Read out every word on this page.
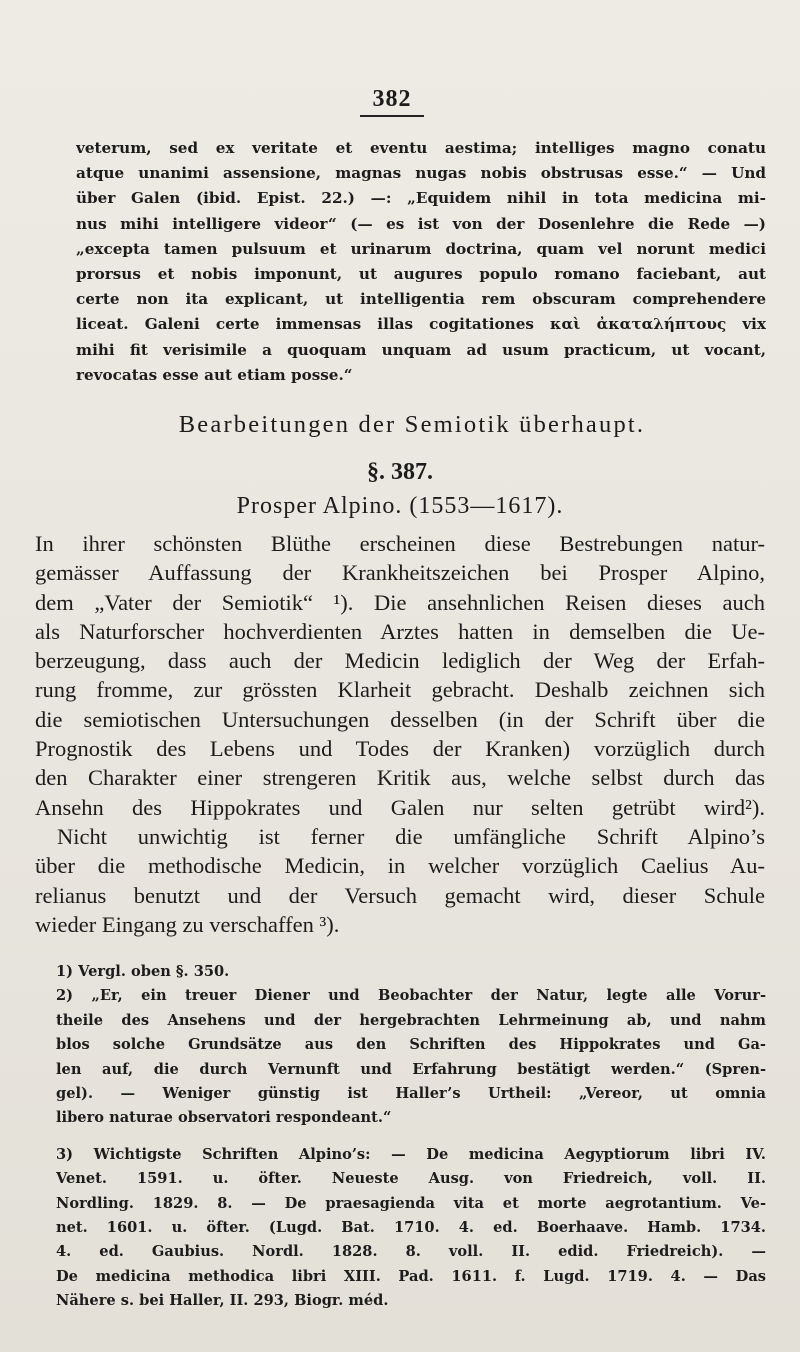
382
veterum, sed ex veritate et eventu aestima; intelliges magno conatu
atque unanimi assensione, magnas nugas nobis obstrusas esse.“ — Und
über Galen (ibid. Epist. 22.) —: „Equidem nihil in tota medicina mi-
nus mihi intelligere videor“ (— es ist von der Dosenlehre die Rede —)
„excepta tamen pulsuum et urinarum doctrina, quam vel norunt medici
prorsus et nobis imponunt, ut augures populo romano faciebant, aut
certe non ita explicant, ut intelligentia rem obscuram comprehendere
liceat. Galeni certe immensas illas cogitationes καὶ ἀκαταλήπτους vix
mihi fit verisimile a quoquam unquam ad usum practicum, ut vocant,
revocatas esse aut etiam posse.“
Bearbeitungen der Semiotik überhaupt.
§. 387.
Prosper Alpino. (1553—1617).
In ihrer schönsten Blüthe erscheinen diese Bestrebungen natur-
gemässer Auffassung der Krankheitszeichen bei Prosper Alpino,
dem „Vater der Semiotik“ ¹). Die ansehnlichen Reisen dieses auch
als Naturforscher hochverdienten Arztes hatten in demselben die Ue-
berzeugung, dass auch der Medicin lediglich der Weg der Erfah-
rung fromme, zur grössten Klarheit gebracht. Deshalb zeichnen sich
die semiotischen Untersuchungen desselben (in der Schrift über die
Prognostik des Lebens und Todes der Kranken) vorzüglich durch
den Charakter einer strengeren Kritik aus, welche selbst durch das
Ansehn des Hippokrates und Galen nur selten getrübt wird²).
Nicht unwichtig ist ferner die umfängliche Schrift Alpino’s
über die methodische Medicin, in welcher vorzüglich Caelius Au-
relianus benutzt und der Versuch gemacht wird, dieser Schule
wieder Eingang zu verschaffen ³).
1) Vergl. oben §. 350.
2) „Er, ein treuer Diener und Beobachter der Natur, legte alle Vorur-
theile des Ansehens und der hergebrachten Lehrmeinung ab, und nahm
blos solche Grundsätze aus den Schriften des Hippokrates und Ga-
len auf, die durch Vernunft und Erfahrung bestätigt werden.“ (Spren-
gel). — Weniger günstig ist Haller’s Urtheil: „Vereor, ut omnia
libero naturae observatori respondeant.“
3) Wichtigste Schriften Alpino’s: — De medicina Aegyptiorum libri IV.
Venet. 1591. u. öfter. Neueste Ausg. von Friedreich, voll. II.
Nordling. 1829. 8. — De praesagienda vita et morte aegrotantium. Ve-
net. 1601. u. öfter. (Lugd. Bat. 1710. 4. ed. Boerhaave. Hamb. 1734.
4. ed. Gaubius. Nordl. 1828. 8. voll. II. edid. Friedreich). —
De medicina methodica libri XIII. Pad. 1611. f. Lugd. 1719. 4. — Das
Nähere s. bei Haller, II. 293, Biogr. méd.
